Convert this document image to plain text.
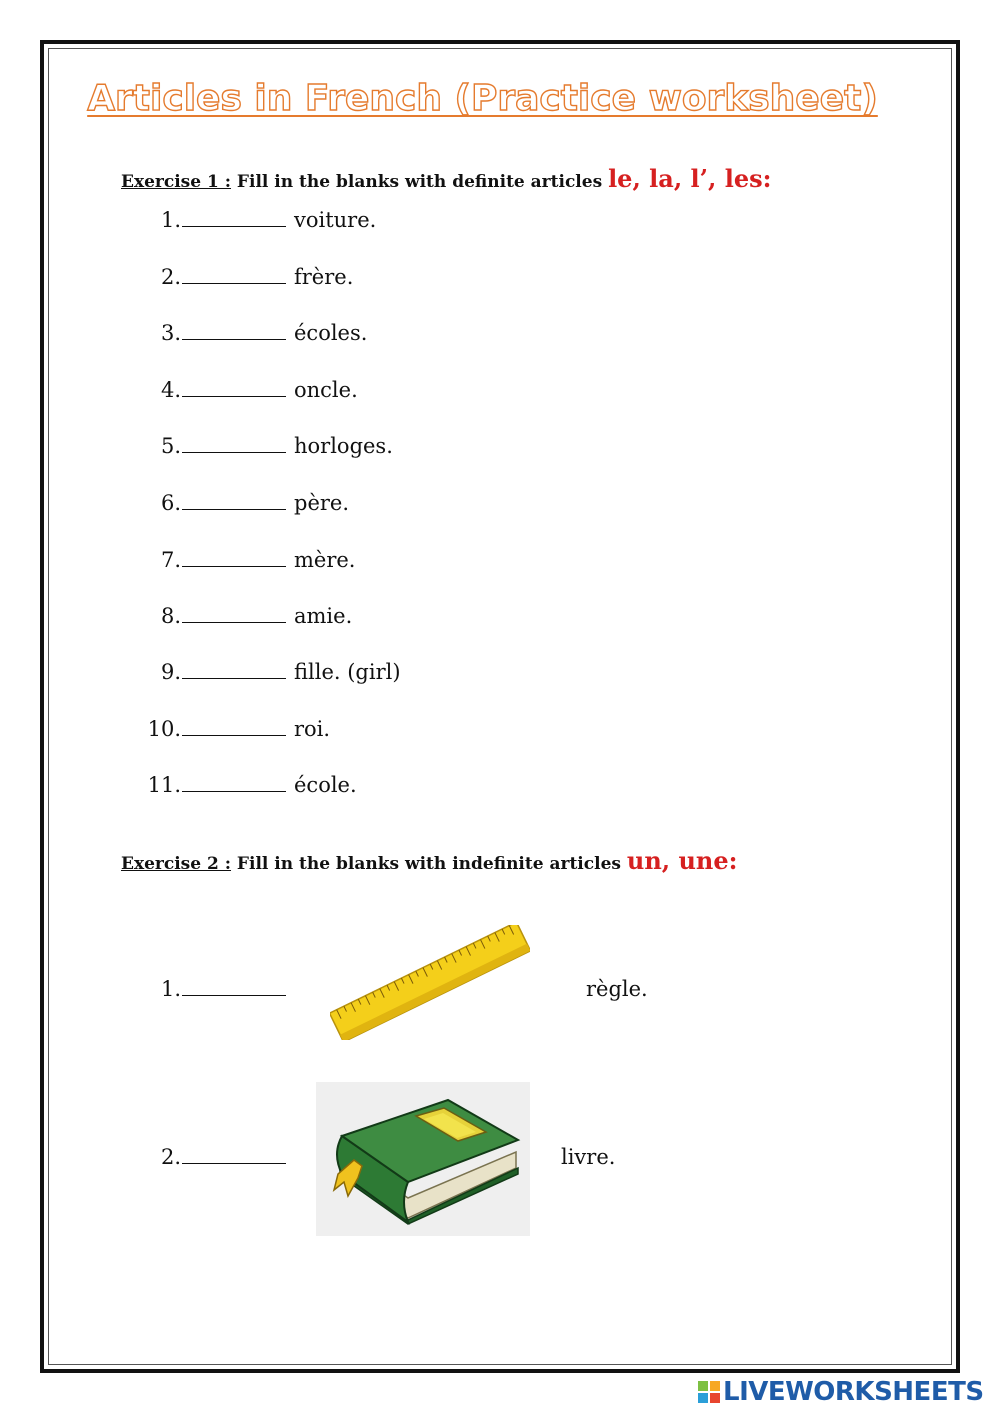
Articles in French (Practice worksheet)
Exercise 1 : Fill in the blanks with definite articles le, la, l’, les:
1.	voiture.
2.	frère.
3.	écoles.
4.	oncle.
5.	horloges.
6.	père.
7.	mère.
8.	amie.
9.	fille. (girl)
10.	roi.
11.	école.
Exercise 2 : Fill in the blanks with indefinite articles un, une:
1.	règle.
2.	livre.
LIVEWORKSHEETS
